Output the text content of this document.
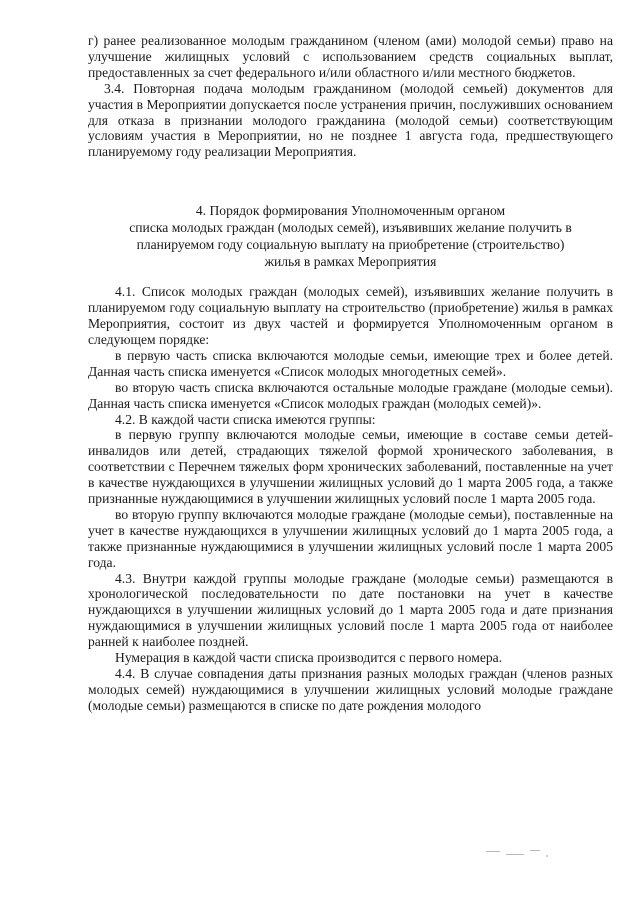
г) ранее реализованное молодым гражданином (членом (ами) молодой семьи) право на улучшение жилищных условий с использованием средств социальных выплат, предоставленных за счет федерального и/или областного и/или местного бюджетов.

3.4. Повторная подача молодым гражданином (молодой семьей) документов для участия в Мероприятии допускается после устранения причин, послуживших основанием для отказа в признании молодого гражданина (молодой семьи) соответствующим условиям участия в Мероприятии, но не позднее 1 августа года, предшествующего планируемому году реализации Мероприятия.

4. Порядок формирования Уполномоченным органом
списка молодых граждан (молодых семей), изъявивших желание получить в
планируемом году социальную выплату на приобретение (строительство)
жилья в рамках Мероприятия

4.1. Список молодых граждан (молодых семей), изъявивших желание получить в планируемом году социальную выплату на строительство (приобретение) жилья в рамках Мероприятия, состоит из двух частей и формируется Уполномоченным органом в следующем порядке:

в первую часть списка включаются молодые семьи, имеющие трех и более детей. Данная часть списка именуется «Список молодых многодетных семей».

во вторую часть списка включаются остальные молодые граждане (молодые семьи). Данная часть списка именуется «Список молодых граждан (молодых семей)».

4.2. В каждой части списка имеются группы:

в первую группу включаются молодые семьи, имеющие в составе семьи детей-инвалидов или детей, страдающих тяжелой формой хронического заболевания, в соответствии с Перечнем тяжелых форм хронических заболеваний, поставленные на учет в качестве нуждающихся в улучшении жилищных условий до 1 марта 2005 года, а также признанные нуждающимися в улучшении жилищных условий после 1 марта 2005 года.

во вторую группу включаются молодые граждане (молодые семьи), поставленные на учет в качестве нуждающихся в улучшении жилищных условий до 1 марта 2005 года, а также признанные нуждающимися в улучшении жилищных условий после 1 марта 2005 года.

4.3. Внутри каждой группы молодые граждане (молодые семьи) размещаются в хронологической последовательности по дате постановки на учет в качестве нуждающихся в улучшении жилищных условий до 1 марта 2005 года и дате признания нуждающимися в улучшении жилищных условий после 1 марта 2005 года от наиболее ранней к наиболее поздней.

Нумерация в каждой части списка производится с первого номера.

4.4. В случае совпадения даты признания разных молодых граждан (членов разных молодых семей) нуждающимися в улучшении жилищных условий молодые граждане (молодые семьи) размещаются в списке по дате рождения молодого
